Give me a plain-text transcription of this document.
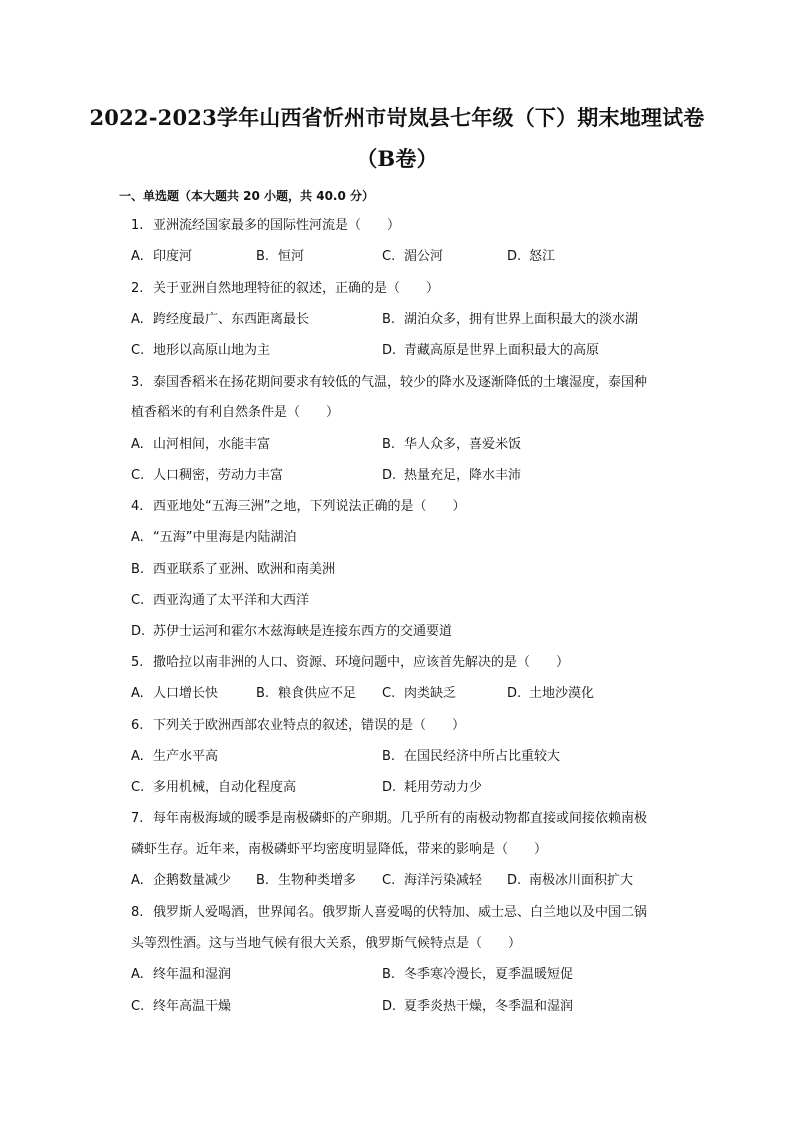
2022-2023学年山西省忻州市岢岚县七年级（下）期末地理试卷
（B卷）
一、单选题（本大题共 20 小题，共 40.0 分）
1. 亚洲流经国家最多的国际性河流是（　　）
A. 印度河	B. 恒河	C. 湄公河	D. 怒江
2. 关于亚洲自然地理特征的叙述，正确的是（　　）
A. 跨经度最广、东西距离最长	B. 湖泊众多，拥有世界上面积最大的淡水湖
C. 地形以高原山地为主	D. 青藏高原是世界上面积最大的高原
3. 泰国香稻米在扬花期间要求有较低的气温，较少的降水及逐渐降低的土壤湿度，泰国种
植香稻米的有利自然条件是（　　）
A. 山河相间，水能丰富	B. 华人众多，喜爱米饭
C. 人口稠密，劳动力丰富	D. 热量充足，降水丰沛
4. 西亚地处“五海三洲”之地，下列说法正确的是（　　）
A. “五海”中里海是内陆湖泊
B. 西亚联系了亚洲、欧洲和南美洲
C. 西亚沟通了太平洋和大西洋
D. 苏伊士运河和霍尔木兹海峡是连接东西方的交通要道
5. 撒哈拉以南非洲的人口、资源、环境问题中，应该首先解决的是（　　）
A. 人口增长快	B. 粮食供应不足 C. 肉类缺乏	D. 土地沙漠化
6. 下列关于欧洲西部农业特点的叙述，错误的是（　　）
A. 生产水平高	B. 在国民经济中所占比重较大
C. 多用机械，自动化程度高	D. 耗用劳动力少
7. 每年南极海域的暖季是南极磷虾的产卵期。几乎所有的南极动物都直接或间接依赖南极
磷虾生存。近年来，南极磷虾平均密度明显降低，带来的影响是（　　）
A. 企鹅数量减少 B. 生物种类增多 C. 海洋污染减轻 D. 南极冰川面积扩大
8. 俄罗斯人爱喝酒，世界闻名。俄罗斯人喜爱喝的伏特加、威士忌、白兰地以及中国二锅
头等烈性酒。这与当地气候有很大关系，俄罗斯气候特点是（　　）
A. 终年温和湿润	B. 冬季寒冷漫长，夏季温暖短促
C. 终年高温干燥	D. 夏季炎热干燥，冬季温和湿润
